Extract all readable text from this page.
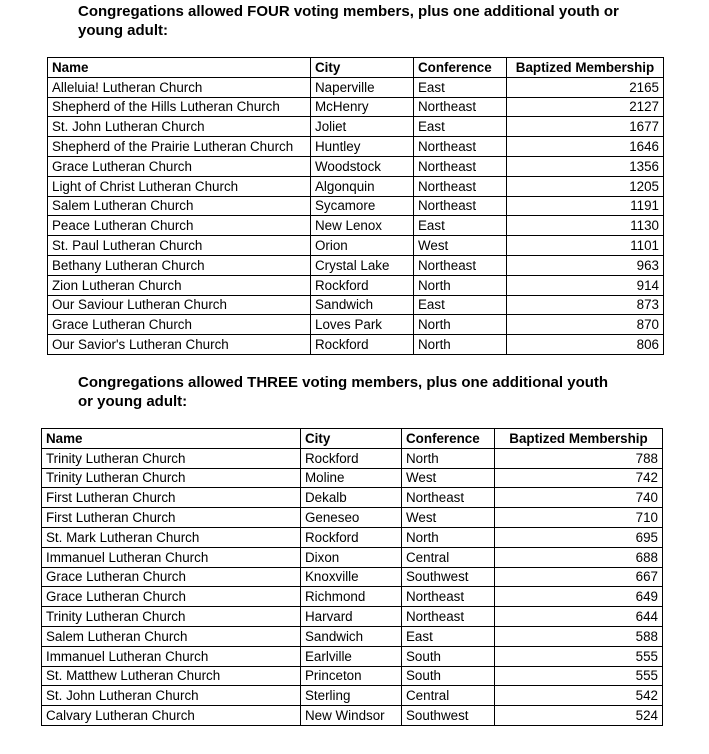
Congregations allowed FOUR voting members, plus one additional youth or young adult:

Name	City	Conference	Baptized Membership
Alleluia! Lutheran Church	Naperville	East	2165
Shepherd of the Hills Lutheran Church	McHenry	Northeast	2127
St. John Lutheran Church	Joliet	East	1677
Shepherd of the Prairie Lutheran Church	Huntley	Northeast	1646
Grace Lutheran Church	Woodstock	Northeast	1356
Light of Christ Lutheran Church	Algonquin	Northeast	1205
Salem Lutheran Church	Sycamore	Northeast	1191
Peace Lutheran Church	New Lenox	East	1130
St. Paul Lutheran Church	Orion	West	1101
Bethany Lutheran Church	Crystal Lake	Northeast	963
Zion Lutheran Church	Rockford	North	914
Our Saviour Lutheran Church	Sandwich	East	873
Grace Lutheran Church	Loves Park	North	870
Our Savior's Lutheran Church	Rockford	North	806

Congregations allowed THREE voting members, plus one additional youth or young adult:

Name	City	Conference	Baptized Membership
Trinity Lutheran Church	Rockford	North	788
Trinity Lutheran Church	Moline	West	742
First Lutheran Church	Dekalb	Northeast	740
First Lutheran Church	Geneseo	West	710
St. Mark Lutheran Church	Rockford	North	695
Immanuel Lutheran Church	Dixon	Central	688
Grace Lutheran Church	Knoxville	Southwest	667
Grace Lutheran Church	Richmond	Northeast	649
Trinity Lutheran Church	Harvard	Northeast	644
Salem Lutheran Church	Sandwich	East	588
Immanuel Lutheran Church	Earlville	South	555
St. Matthew Lutheran Church	Princeton	South	555
St. John Lutheran Church	Sterling	Central	542
Calvary Lutheran Church	New Windsor	Southwest	524
